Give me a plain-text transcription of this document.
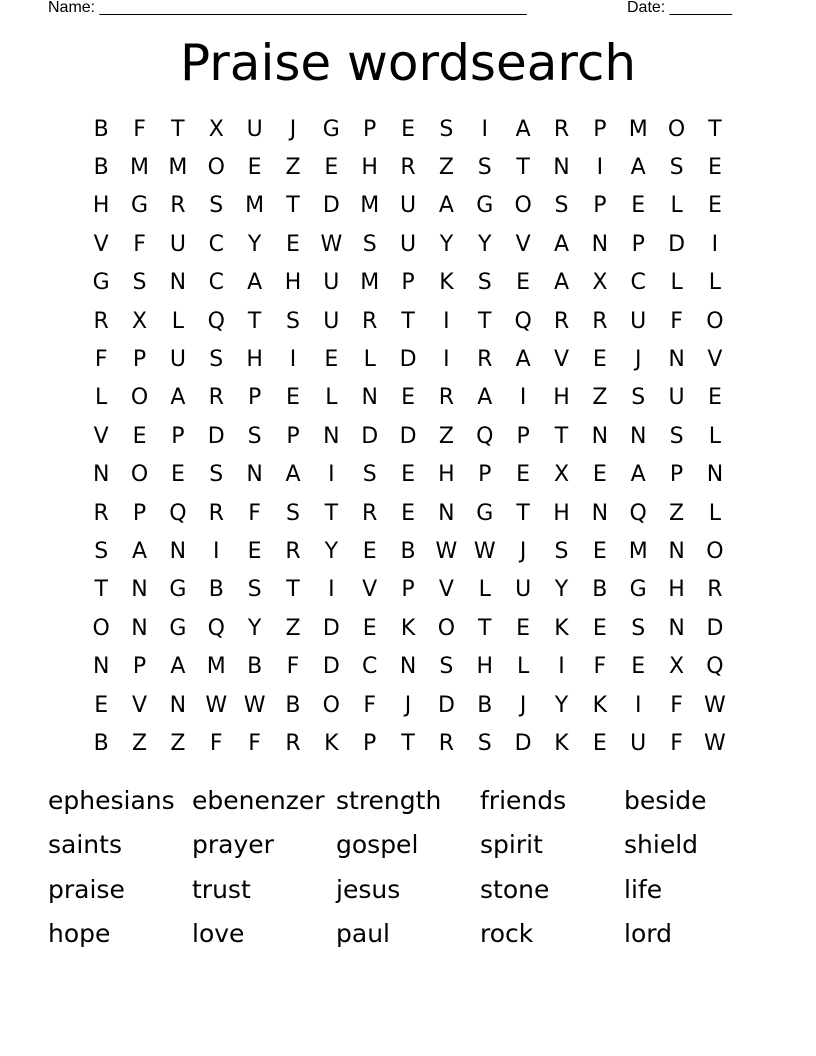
Name: ________________________________________________	Date: _______
Praise wordsearch
B	F	T	X	U	J	G	P	E	S	I	A	R	P	M O	T
B M M O	E	Z	E	H	R	Z	S	T	N	I	A	S	E
H G	R	S M	T	D M U	A	G O	S	P	E	L	E
V	F	U	C	Y	E W S	U	Y	Y	V	A	N	P	D	I
G	S	N	C	A	H	U M	P	K	S	E	A	X	C	L	L
R	X	L	Q	T	S	U	R	T	I	T	Q	R	R	U	F	O
F	P	U	S	H	I	E	L	D	I	R	A	V	E	J	N	V
L	O	A	R	P	E	L	N	E	R	A	I	H	Z	S	U	E
V	E	P	D	S	P	N D D	Z	Q	P	T	N N	S	L
N O	E	S	N	A	I	S	E	H	P	E	X	E	A	P	N
R	P	Q	R	F	S	T	R	E	N G	T	H N Q	Z	L
S	A	N	I	E	R	Y	E	B W W	J	S	E M N O
T	N G	B	S	T	I	V	P	V	L	U	Y	B	G H	R
O N G Q	Y	Z	D	E	K	O	T	E	K	E	S	N D
N	P	A M B	F	D	C	N	S	H	L	I	F	E	X	Q
E	V	N W W B	O	F	J	D	B	J	Y	K	I	F W
B	Z	Z	F	F	R	K	P	T	R	S	D	K	E	U	F W
ephesians ebenenzer strength	friends	beside
saints	prayer	gospel	spirit	shield
praise	trust	jesus	stone	life
hope	love	paul	rock	lord
